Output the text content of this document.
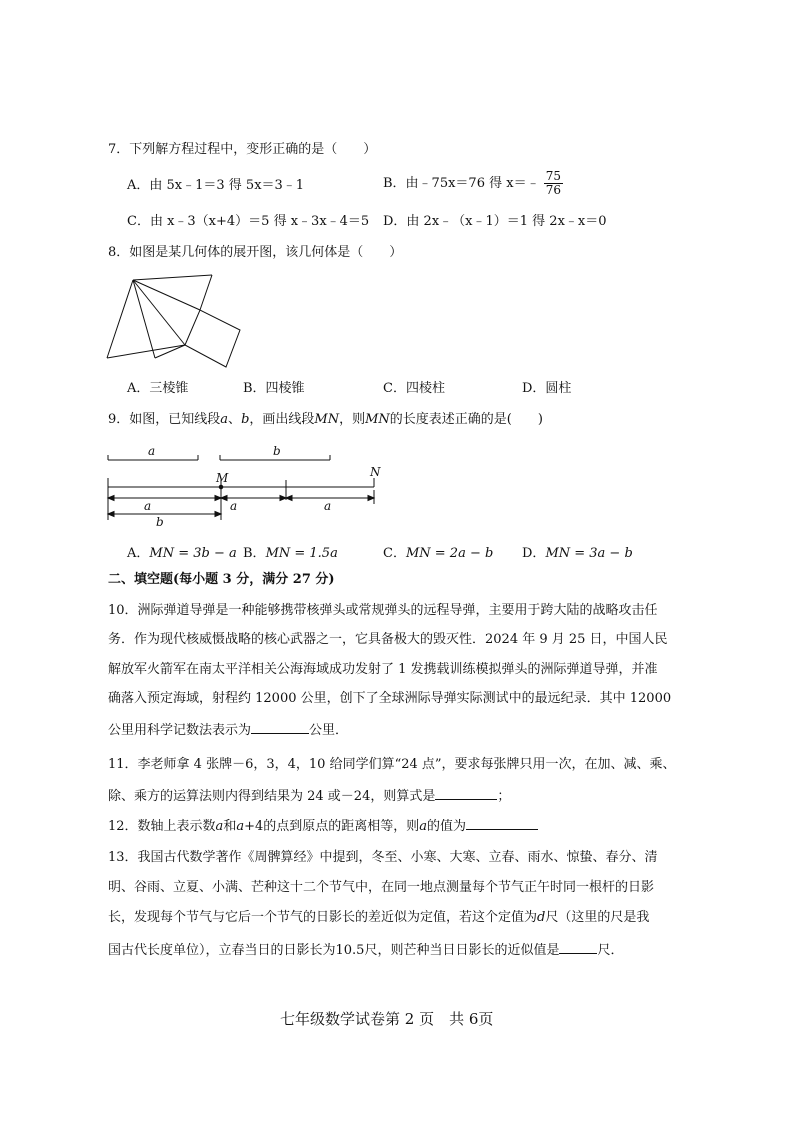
7．下列解方程过程中，变形正确的是（　　）
A．由 5x﹣1＝3 得 5x＝3﹣1	B．由﹣75x＝76 得 x＝﹣ $\frac{75}{76}$
C．由 x﹣3（x+4）＝5 得 x﹣3x﹣4＝5 D．由 2x﹣（x﹣1）＝1 得 2x﹣x＝0
8．如图是某几何体的展开图，该几何体是（　　）
A．三棱锥	B．四棱锥	C．四棱柱	D．圆柱
9．如图，已知线段a、b，画出线段MN，则MN的长度表述正确的是(　　)
a	b
M	N
a	a	a
b
A．MN = 3b − a B．MN = 1.5a	C．MN = 2a − b D．MN = 3a − b
二、填空题(每小题 3 分，满分 27 分)
10．洲际弹道导弹是一种能够携带核弹头或常规弹头的远程导弹，主要用于跨大陆的战略攻击任
务．作为现代核威慑战略的核心武器之一，它具备极大的毁灭性．2024 年 9 月 25 日，中国人民
解放军火箭军在南太平洋相关公海海域成功发射了 1 发携载训练模拟弹头的洲际弹道导弹，并准
确落入预定海域，射程约 12000 公里，创下了全球洲际导弹实际测试中的最远纪录．其中 12000
公里用科学记数法表示为	公里．
11．李老师拿 4 张牌－6，3，4，10 给同学们算“24 点”，要求每张牌只用一次，在加、减、乘、
除、乘方的运算法则内得到结果为 24 或－24，则算式是	；
12．数轴上表示数a和a+4的点到原点的距离相等，则a的值为
13．我国古代数学著作《周髀算经》中提到，冬至、小寒、大寒、立春、雨水、惊蛰、春分、清
明、谷雨、立夏、小满、芒种这十二个节气中，在同一地点测量每个节气正午时同一根杆的日影
长，发现每个节气与它后一个节气的日影长的差近似为定值，若这个定值为d尺（这里的尺是我
国古代长度单位），立春当日的日影长为10.5尺，则芒种当日日影长的近似值是	尺．
七年级数学试卷第 2 页　共 6页
